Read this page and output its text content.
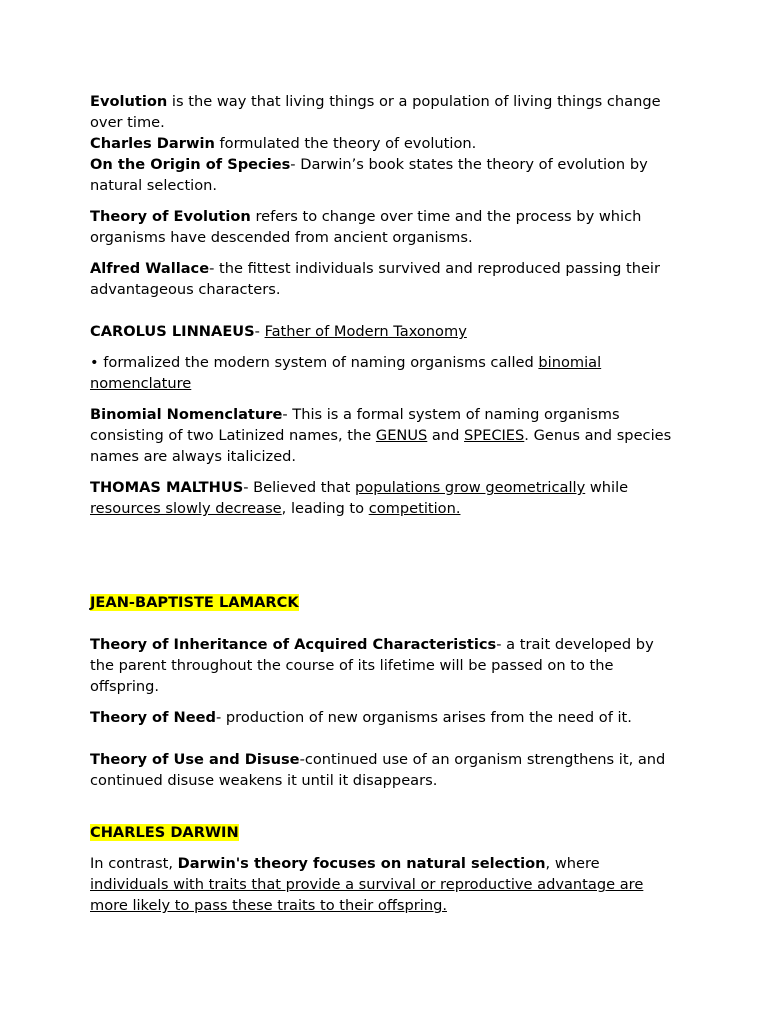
Evolution is the way that living things or a population of living things change over time.

Charles Darwin formulated the theory of evolution.

On the Origin of Species- Darwin’s book states the theory of evolution by natural selection.

Theory of Evolution refers to change over time and the process by which organisms have descended from ancient organisms.

Alfred Wallace- the fittest individuals survived and reproduced passing their advantageous characters.

CAROLUS LINNAEUS- Father of Modern Taxonomy

• formalized the modern system of naming organisms called binomial nomenclature

Binomial Nomenclature- This is a formal system of naming organisms consisting of two Latinized names, the GENUS and SPECIES. Genus and species names are always italicized.

THOMAS MALTHUS- Believed that populations grow geometrically while resources slowly decrease, leading to competition.

JEAN-BAPTISTE LAMARCK

Theory of Inheritance of Acquired Characteristics- a trait developed by the parent throughout the course of its lifetime will be passed on to the offspring.

Theory of Need- production of new organisms arises from the need of it.

Theory of Use and Disuse-continued use of an organism strengthens it, and continued disuse weakens it until it disappears.

CHARLES DARWIN

In contrast, Darwin's theory focuses on natural selection, where individuals with traits that provide a survival or reproductive advantage are more likely to pass these traits to their offspring.
